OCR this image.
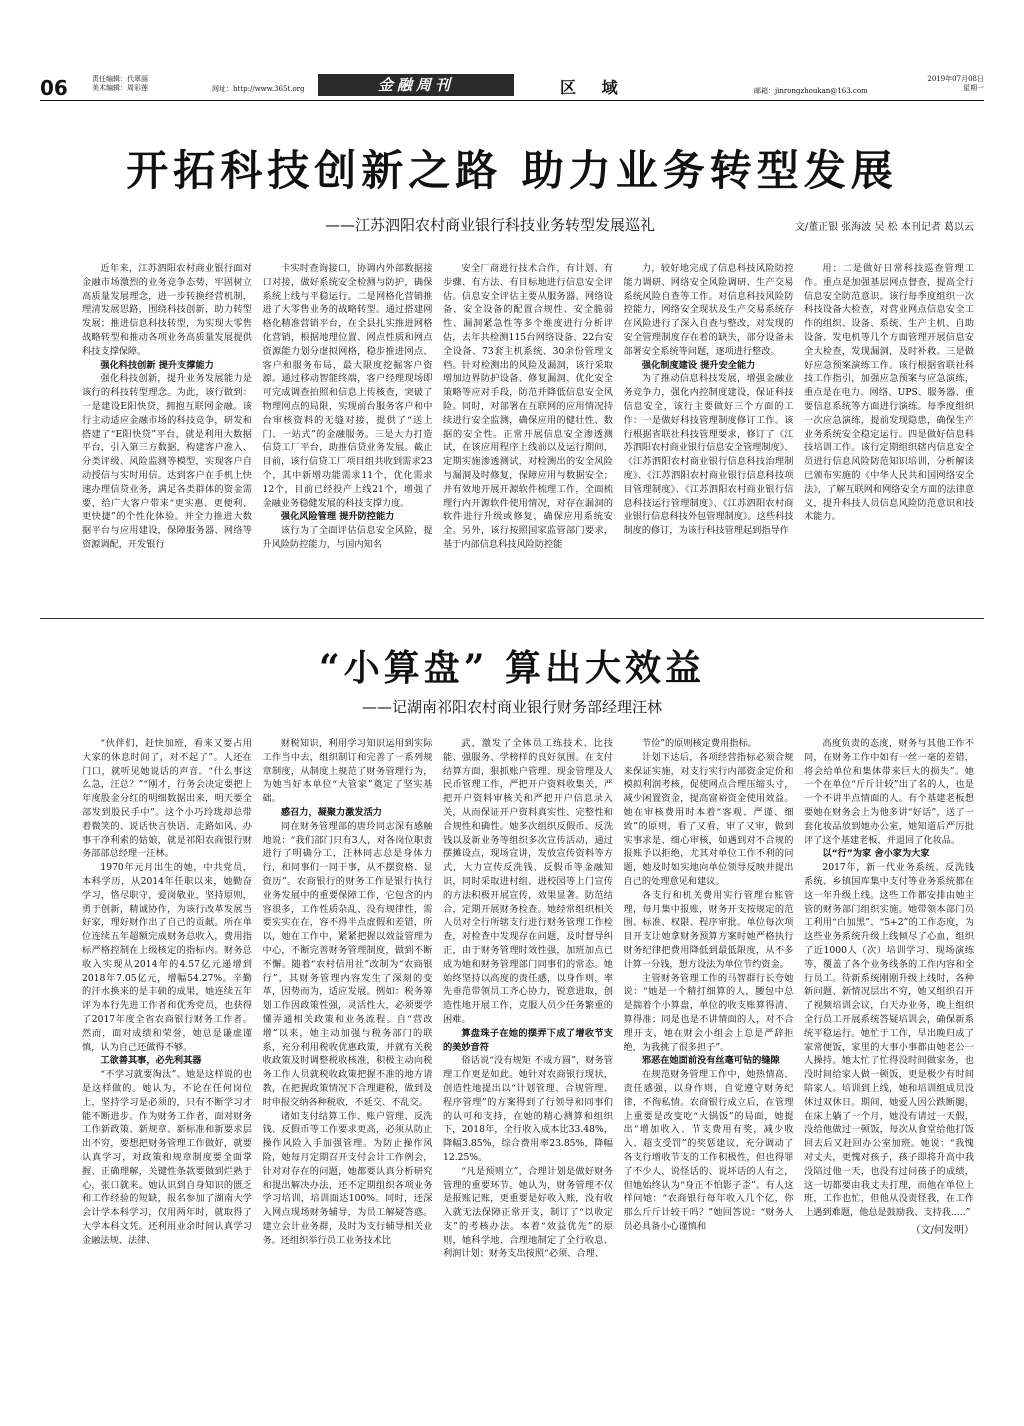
06	责任编辑：代翠丽
美术编辑：周彩莲	网址：http://www.365t.org	金融周刊	区 域	邮箱：jinrongzhoukan@163.com
2019年07月08日
星期一
开拓科技创新之路 助力业务转型发展
——江苏泗阳农村商业银行科技业务转型发展巡礼	文/董正银 张海波 吴 松 本刊记者 葛以云

近年来，江苏泗阳农村商业银行面对金融市场激烈的业务竞争态势，牢固树立高质量发展理念，进一步转换经营机制，理清发展思路，围绕科技创新，助力转型发展；推进信息科技转型，为实现大零售战略转型和推动各项业务高质量发展提供科技支撑保障。

强化科技创新 提升支撑能力

强化科技创新，提升业务发展能力是该行的科技转型理念。为此，该行做到：一是建设E阳快贷，拥抱互联网金融。该行主动适应金融市场的科技竞争，研发和搭建了“E阳快贷”平台，就是利用大数据平台，引入第三方数据，构建客户准入、分类评级、风险监测等模型，实现客户自动授信与实时用信。达到客户在手机上快速办理信贷业务，满足各类群体的资金需要，给广大客户带来“更实惠、更便利、更快捷”的个性化体验。并全力推进大数据平台与应用建设，保障服务器、网络等资源调配，开发银行

卡实时查询接口，协调内外部数据接口对接，做好系统安全检测与防护，确保系统上线与平稳运行。二是网格化营销推进了大零售业务的战略转型。通过搭建网格化精准营销平台，在全县扎实推进网格化营销，根据地理位置、网点性质和网点资源能力划分虚拟网格，稳步推进网点、客户和服务布局，最大限度挖掘客户资源。通过移动智能终端，客户经理现场即可完成调查拍照和信息上传核查，突破了物理网点的局限，实现前台服务客户和中台审核资料的无缝对接，提供了“送上门、一站式”的金融服务。三是大力打造信贷工厂平台，助推信贷业务发展。截止目前，该行信贷工厂项目组共收到需求23个，其中新增功能需求11个，优化需求12个，目前已经投产上线21个，增强了金融业务稳健发展的科技支撑力度。

强化风险管理 提升防控能力

该行为了全面评估信息安全风险，提升风险防控能力，与国内知名

安全厂商进行技术合作，有计划、有步骤、有方法、有目标地进行信息安全评估。信息安全评估主要从服务器、网络设备、安全设备的配置合规性、安全脆弱性、漏洞紧急性等多个维度进行分析评估，去年共检测115台网络设备、22台安全设备、73套主机系统、30余份管理文档。针对检测出的风险及漏洞，该行采取增加边界防护设备、修复漏洞、优化安全策略等应对手段，防范并降低信息安全风险。同时，对部署在互联网的应用情况持续进行安全监测，确保应用的健壮性、数据的安全性。正常开展信息安全渗透测试，在该应用程序上线前以及运行期间，定期实施渗透测试，对检测出的安全风险与漏洞及时修复，保障应用与数据安全；并有效地开展开源软件梳理工作，全面梳理行内开源软件使用情况，对存在漏洞的软件进行升级或修复，确保应用系统安全。另外，该行按照国家监管部门要求，基于内部信息科技风险防控能

力，较好地完成了信息科技风险防控能力调研、网络安全风险调研、生产交易系统风险自查等工作。对信息科技风险防控能力，网络安全现状及生产交易系统存在风险进行了深入自查与整改，对发现的安全管理制度存在着的缺失，部分设备未部署安全系统等问题，逐项进行整改。

强化制度建设 提升安全能力

为了推动信息科技发展，增强金融业务竞争力，强化内控制度建设，保证科技信息安全，该行主要做好三个方面的工作：一是做好科技管理制度修订工作。该行根据省联社科技管理要求，修订了《江苏泗阳农村商业银行信息安全管理制度》、《江苏泗阳农村商业银行信息科技治理制度》、《江苏泗阳农村商业银行信息科技项目管理制度》、《江苏泗阳农村商业银行信息科技运行管理制度》、《江苏泗阳农村商业银行信息科技外包管理制度》。这些科技制度的修订，为该行科技管理起到指导作

用；二是做好日常科技巡查管理工作。重点是加强基层网点督查，提高全行信息安全防范意识。该行每季度组织一次科技设备大检查，对营业网点信息安全工作的组织、设备、系统、生产主机、自助设备、发电机等几个方面管理开展信息安全大检查，发现漏洞，及时补救。三是做好应急预案演练工作。该行根据省联社科技工作指引，加强应急预案与应急演练，重点是在电力、网络、UPS、服务器、重要信息系统等方面进行演练。每季度组织一次应急演练，提前发现隐患，确保生产业务系统安全稳定运行。四是做好信息科技培训工作。该行定期组织辖内信息安全员进行信息风险防范知识培训，分析解读已颁布实施的《中华人民共和国网络安全法》，了解互联网和网络安全方面的法律意义，提升科技人员信息风险防范意识和技术能力。

“小算盘” 算出大效益
——记湖南祁阳农村商业银行财务部经理汪林

“伙伴们，赶快加班，看来又要占用大家的休息时间了，对不起了”。人还在门口，就听见她说话的声音。“什么事这么急，汪总？”“刚才，行务会决定要把上年度股金分红的明细数据出来，明天要全部发到股民手中”。这个小巧玲珑却总带着微笑的、说话快言快语、走路如风、办事干净利索的姑娘，就是祁阳农商银行财务部部总经理一汪林。

1970年元月出生的她，中共党员，本科学历，从2014年任职以来，她勤奋学习，恪尽职守，爱岗敬业，坚持原则，勇于创新，精诚协作，为该行改革发展当好家，理好财作出了自己的贡献。所在单位连续五年超额完成财务总收入，费用指标严格控制在上级核定的指标内。财务总收入实现从2014年的4.57亿元递增到2018年7.05亿元，增幅54.27%。辛勤的汗水换来的是丰硕的成果，她连续五年评为本行先进工作者和优秀党员，也获得了2017年度全省农商银行财务工作者。然而，面对成绩和荣誉，她总是谦虚谨慎，认为自己还做得不够。

工欲善其事，必先利其器

“不学习就要淘汰”。她是这样说的也是这样做的。她认为，不论在任何岗位上，坚持学习是必须的，只有不断学习才能不断进步。作为财务工作者，面对财务工作新政策、新规章、新标准和新要求层出不穷，要想把财务管理工作做好，就要认真学习，对政策和规章制度要全面掌握、正确理解，关键性条款要做到烂熟于心，张口就来。她认识到自身知识的匮乏和工作经验的短缺，报名参加了湖南大学会计学本科学习，仅用两年时，就取得了大学本科文凭。还利用业余时间认真学习金融法规、法律、

财税知识，利用学习知识运用到实际工作当中去，组织制订和完善了一系列规章制度，从制度上规范了财务管理行为，为她当好本单位“大管家”奠定了坚实基础。

感召力，凝聚力激发活力

同在财务管理部的唐玲同志深有感触地说：“我们部门只有3人，对各岗位职责进行了明确分工，汪林同志总是身体力行，和同事们一同干事，从不摆资格、显资历”。农商银行的财务工作是银行执行业务发展中的重要保障工作，它包含的内容很多，工作性质杂乱、没有规律性，需要实实在在，容不得半点虚假和差错，所以，她在工作中，紧紧把握以效益管理为中心，不断完善财务管理制度，做到不断不懈。随着“农村信用社”改制为“农商银行”，其财务管理内容发生了深刻的变革，因势而为，适应发展。例如：税务筹划工作因政策性强，灵活性大，必须要学懂弄通相关政策和业务流程。自“营改增”以来，她主动加强与税务部门的联系，充分利用税收优惠政策，并就有关税收政策及时调整税收核准，积极主动向税务工作人员就税收政策把握不准的地方请教，在把握政策情况下合理避税，做到及时申报交纳各种税收，不延交、不乱交。

诸如支付结算工作、账户管理、反洗钱、反假币等工作要求更高，必须从防止操作风险入手加强管理。为防止操作风险，她每月定期召开支付会计工作例会，针对对存在的问题，她都要认真分析研究和提出解决办法，还不定期组织各项业务学习培训，培训面达100%。同时，还深入网点现场财务辅导，为员工解疑答惑。建立会计业务群，及时为支行辅导相关业务。还组织举行员工业务技术比

武，激发了全体员工练技术、比技能、强服务、学榜样的良好氛围。在支付结算方面，狠抓账户管理、现金管理及人民币管理工作，严把开户资料收集关，严把开户资料审核关和严把开户信息录入关，从而保证开户资料真实性、完整性和合规性和确性。她多次组织反假币、反洗钱以及新业务等组织多次宣传活动，通过摆摊设点，现场宣讲，发放宣传资料等方式，大力宣传反洗钱、反假币等金融知识，同时采取进村组、进校园等上门宣传的方法积极开展宣传，效果显著。防范结合，定期开展财务检查。她经常组织相关人员对全行所辖支行进行财务管理工作检查，对检查中发现存在问题，及时督导纠正，由于财务管理时效性强，加班加点已成为她和财务管理部门同事们的常态。她始终坚持以高度的责任感，以身作则，率先垂范带领员工齐心协力，锐意进取，创造性地开展工作，克服人员少任务繁重的困难。

算盘珠子在她的摆弄下成了增收节支的美妙音符

俗话说“没有规矩 不成方圆”，财务管理工作更是如此。她针对农商银行现状，创造性地提出以“计划管理、合规管理、程序管理”的方案得到了行领导和同事们的认可和支持，在她的精心测算和组织下，2018年，全行收入成本比33.48%，降幅3.85%，综合费用率23.85%，降幅12.25%。

“凡是预则立”，合理计划是做好财务管理的重要环节。她认为，财务管理不仅是报账记账，更重要是好收入账，没有收入就无法保障正常开支，制订了“以收定支”的考核办法。本着“效益优先”的原则，她科学地、合理地制定了全行收息、利润计划；财务支出按照“必须、合理、

节俭”的原则核定费用指标。

计划下达后，各项经营指标必须合规来保证实施，对支行实行内部资金定价和模拟利润考核，促使网点合理压缩头寸，减少闲置资金，提高富裕资金使用效益。她在审核费用时本着“客观、严谨、细致”的原则，看了又看，审了又审，做到实事求是、细心审核，如遇到对不合规的报账予以拒绝，尤其对单位工作不利的问题，她及时如实地向单位领导反映并提出自己的处理意见和建议。

各支行和机关费用实行管理台账管理，每月集中报账，财务开支按规定的范围、标准、权限、程序审批。单位每次项目开支让她拿财务预算方案时她严格执行财务纪律把费用降低到最低限度，从不多计算一分钱，想方设法为单位节约资金。

主管财务管理工作的马智群行长夸她说：“她是一个精打细算的人，腰包中总是揣着个小算盘，单位的收支账算得清、算得准；同是也是不讲情面的人，对不合理开支，她在财会小组会上总是严辞拒绝，为我挑了很多担子”。

邪恶在她面前没有丝毫可钻的缝隙

在规范财务管理工作中，她热情高、责任感强，以身作则，自觉遵守财务纪律，不徇私情。农商银行成立后，在管理上重要是改变吃“大锅饭”的局面，她提出“增加收入、节支费用有奖，减少收入、超支受罚”的奖惩建议，充分调动了各支行增收节支的工作积极性，但也得罪了不少人，说怪话的、说坏话的人有之，但她始终认为“身正不怕影子歪”。有人这样问她：“农商银行每年收入几个亿，你那么斤斤计较干吗？”她回答说：“财务人员必具备小心谨慎和

高度负责的态度，财务与其他工作不同，在财务工作中如有一丝一毫的差错，将会给单位和集体带来巨大的损失”。她一个在单位“斤斤计较”出了名的人，也是一个不讲半点情面的人。有个基建老板想要她在财务会上为他多讲“好话”，送了一套化妆品放到她办公室，她知道后严厉批评了这个基建老板，并退回了化妆品。

以“行”为家 舍小家为大家

2017年，新一代业务系统、反洗钱系统、乡镇国库集中支付等业务系统都在这一年升级上线。这些工作都安排由她主管的财务部门组织实施。她带领本部门员工利用“白加黑”、“5+2”的工作态度，为这些业务系统升级上线倾尽了心血，组织了近1000人（次）培训学习、现场演练等，覆盖了各个业务线条的工作内容和全行员工。待新系统刚刚升级上线时，各种新问题、新情况层出不穷，她又组织召开了视频培训会议，白天办业务，晚上组织全行员工开展系统答疑培训会，确保新系统平稳运行。她忙于工作，早出晚归成了家常便饭，家里的大事小事都由她老公一人操持。她太忙了忙得没时间做家务，也没时间给家人做一顿饭，更是极少有时间陪家人。培训到上线，她和培训组成员没休过双休日。期间，她爱人因公跌断腿，在床上躺了一个月，她没有请过一天假，没给他做过一顿饭，每次从食堂给他打饭回去后又赶回办公室加班。她说：“我愧对丈夫，更愧对孩子，孩子即将升高中我没陪过他一天，也没有过问孩子的成绩，这一切都要由我丈夫打理，而他在单位上班，工作也忙，但他从没责怪我，在工作上遇到难题，他总是鼓励我、支持我.....”

（文/何发明）
